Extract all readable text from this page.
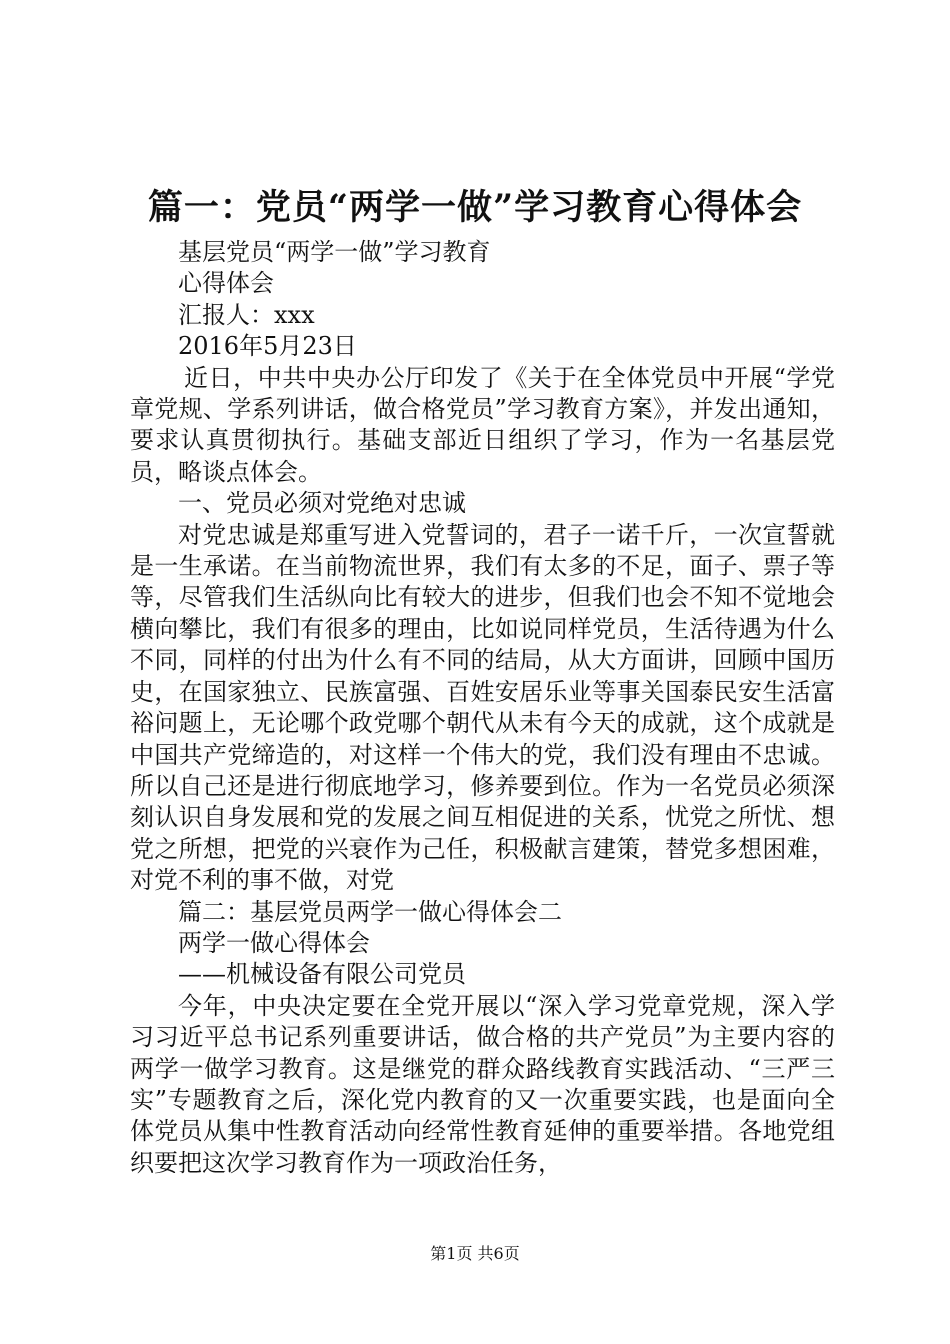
篇一：党员“两学一做”学习教育心得体会

基层党员“两学一做”学习教育

心得体会

汇报人：xxx

2016年5月23日

近日，中共中央办公厅印发了《关于在全体党员中开展“学党章党规、学系列讲话，做合格党员”学习教育方案》，并发出通知，要求认真贯彻执行。基础支部近日组织了学习，作为一名基层党员，略谈点体会。

一、党员必须对党绝对忠诚

对党忠诚是郑重写进入党誓词的，君子一诺千斤，一次宣誓就是一生承诺。在当前物流世界，我们有太多的不足，面子、票子等等，尽管我们生活纵向比有较大的进步，但我们也会不知不觉地会横向攀比，我们有很多的理由，比如说同样党员，生活待遇为什么不同，同样的付出为什么有不同的结局，从大方面讲，回顾中国历史，在国家独立、民族富强、百姓安居乐业等事关国泰民安生活富裕问题上，无论哪个政党哪个朝代从未有今天的成就，这个成就是中国共产党缔造的，对这样一个伟大的党，我们没有理由不忠诚。所以自己还是进行彻底地学习，修养要到位。作为一名党员必须深刻认识自身发展和党的发展之间互相促进的关系，忧党之所忧、想党之所想，把党的兴衰作为己任，积极献言建策，替党多想困难，对党不利的事不做，对党

篇二：基层党员两学一做心得体会二

两学一做心得体会

——机械设备有限公司党员

今年，中央决定要在全党开展以“深入学习党章党规，深入学习习近平总书记系列重要讲话，做合格的共产党员”为主要内容的两学一做学习教育。这是继党的群众路线教育实践活动、“三严三实”专题教育之后，深化党内教育的又一次重要实践，也是面向全体党员从集中性教育活动向经常性教育延伸的重要举措。各地党组织要把这次学习教育作为一项政治任务，

第1页 共6页
